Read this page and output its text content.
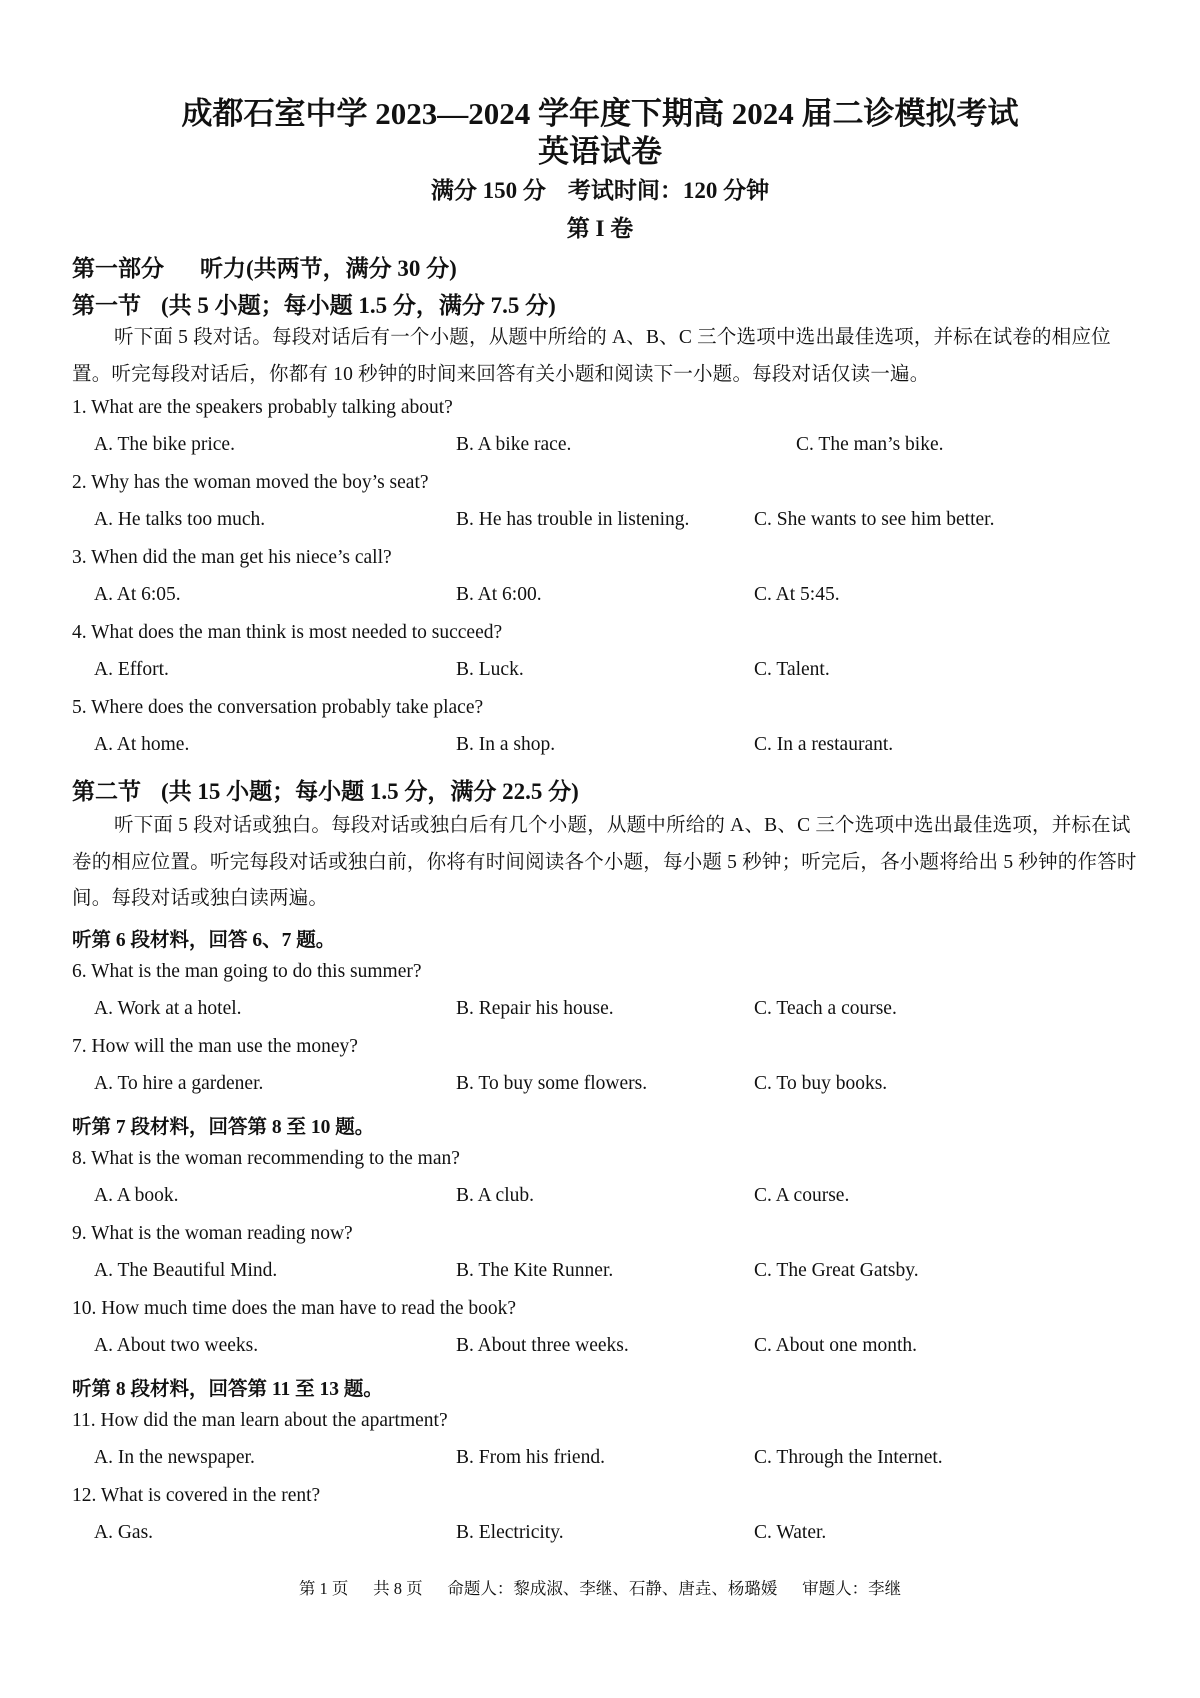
成都石室中学 2023—2024 学年度下期高 2024 届二诊模拟考试
英语试卷
满分 150 分 考试时间：120 分钟
第 I 卷
第一部分 听力(共两节，满分 30 分)
第一节 (共 5 小题；每小题 1.5 分，满分 7.5 分)
听下面 5 段对话。每段对话后有一个小题，从题中所给的 A、B、C 三个选项中选出最佳选项，并标在试卷的相应位置。听完每段对话后，你都有 10 秒钟的时间来回答有关小题和阅读下一小题。每段对话仅读一遍。
1. What are the speakers probably talking about?
A. The bike price.	B. A bike race.	C. The man’s bike.
2. Why has the woman moved the boy’s seat?
A. He talks too much.	B. He has trouble in listening.	C. She wants to see him better.
3. When did the man get his niece’s call?
A. At 6:05.	B. At 6:00.	C. At 5:45.
4. What does the man think is most needed to succeed?
A. Effort.	B. Luck.	C. Talent.
5. Where does the conversation probably take place?
A. At home.	B. In a shop.	C. In a restaurant.
第二节 (共 15 小题；每小题 1.5 分，满分 22.5 分)
听下面 5 段对话或独白。每段对话或独白后有几个小题，从题中所给的 A、B、C 三个选项中选出最佳选项，并标在试卷的相应位置。听完每段对话或独白前，你将有时间阅读各个小题，每小题 5 秒钟；听完后，各小题将给出 5 秒钟的作答时间。每段对话或独白读两遍。
听第 6 段材料，回答 6、7 题。
6. What is the man going to do this summer?
A. Work at a hotel.	B. Repair his house.	C. Teach a course.
7. How will the man use the money?
A. To hire a gardener.	B. To buy some flowers.	C. To buy books.
听第 7 段材料，回答第 8 至 10 题。
8. What is the woman recommending to the man?
A. A book.	B. A club.	C. A course.
9. What is the woman reading now?
A. The Beautiful Mind.	B. The Kite Runner.	C. The Great Gatsby.
10. How much time does the man have to read the book?
A. About two weeks.	B. About three weeks.	C. About one month.
听第 8 段材料，回答第 11 至 13 题。
11. How did the man learn about the apartment?
A. In the newspaper.	B. From his friend.	C. Through the Internet.
12. What is covered in the rent?
A. Gas.	B. Electricity.	C. Water.
第 1 页 共 8 页 命题人：黎成淑、李继、石静、唐垚、杨璐媛 审题人：李继
